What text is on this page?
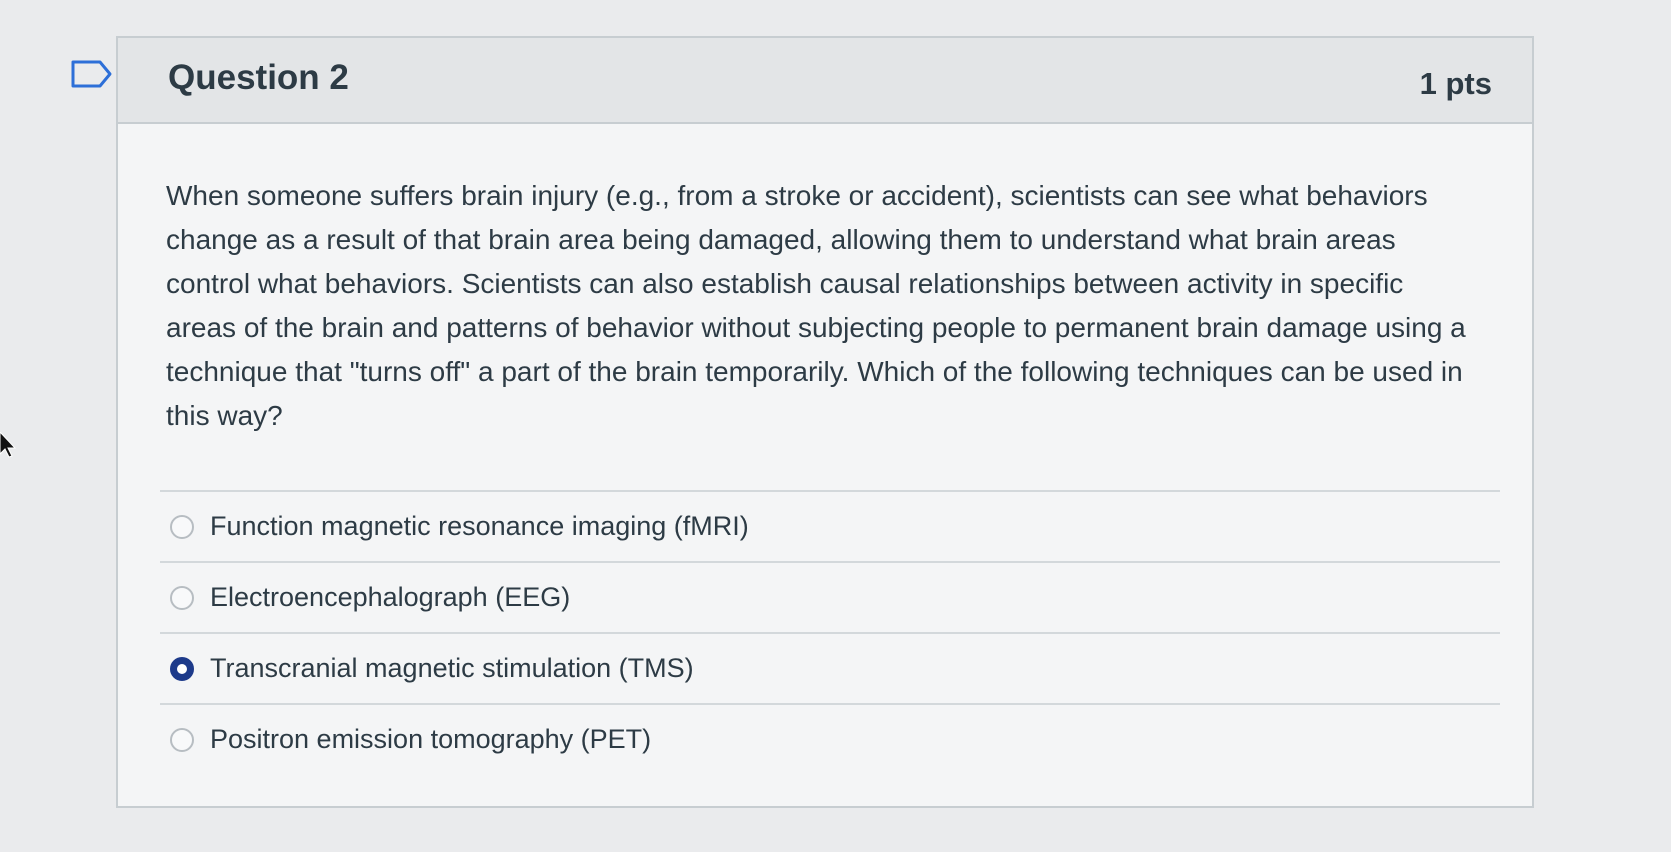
Question 2	1 pts
When someone suffers brain injury (e.g., from a stroke or accident), scientists can see what behaviors change as a result of that brain area being damaged, allowing them to understand what brain areas control what behaviors. Scientists can also establish causal relationships between activity in specific areas of the brain and patterns of behavior without subjecting people to permanent brain damage using a technique that "turns off" a part of the brain temporarily. Which of the following techniques can be used in this way?
Function magnetic resonance imaging (fMRI)
Electroencephalograph (EEG)
Transcranial magnetic stimulation (TMS)
Positron emission tomography (PET)
